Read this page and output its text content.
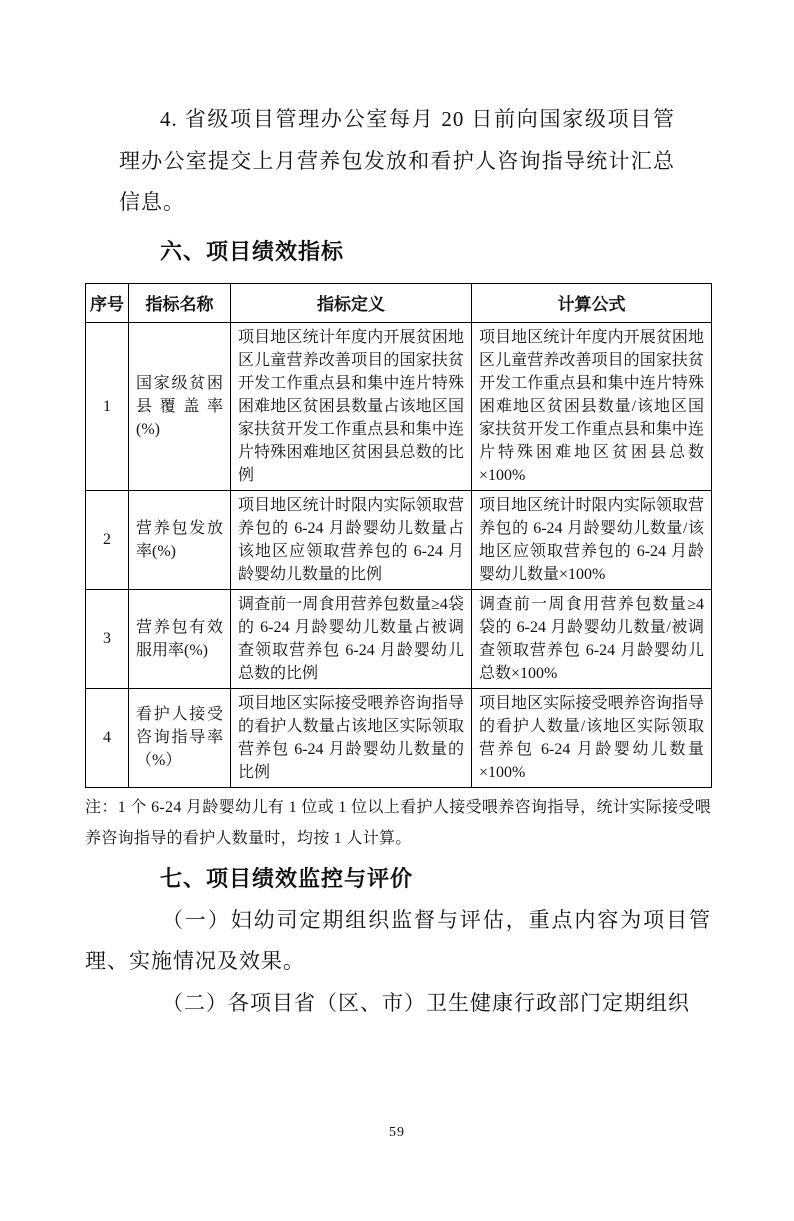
4. 省级项目管理办公室每月 20 日前向国家级项目管理办公室提交上月营养包发放和看护人咨询指导统计汇总信息。

六、项目绩效指标
序号	指标名称	指标定义	计算公式
1	国家级贫困县覆盖率(%)	项目地区统计年度内开展贫困地区儿童营养改善项目的国家扶贫开发工作重点县和集中连片特殊困难地区贫困县数量占该地区国家扶贫开发工作重点县和集中连片特殊困难地区贫困县总数的比例	项目地区统计年度内开展贫困地区儿童营养改善项目的国家扶贫开发工作重点县和集中连片特殊困难地区贫困县数量/该地区国家扶贫开发工作重点县和集中连片特殊困难地区贫困县总数×100%
2	营养包发放率(%)	项目地区统计时限内实际领取营养包的 6-24 月龄婴幼儿数量占该地区应领取营养包的 6-24 月龄婴幼儿数量的比例	项目地区统计时限内实际领取营养包的 6-24 月龄婴幼儿数量/该地区应领取营养包的 6-24 月龄婴幼儿数量×100%
3	营养包有效服用率(%)	调查前一周食用营养包数量≥4袋的 6-24 月龄婴幼儿数量占被调查领取营养包 6-24 月龄婴幼儿总数的比例	调查前一周食用营养包数量≥4 袋的 6-24 月龄婴幼儿数量/被调查领取营养包 6-24 月龄婴幼儿总数×100%
4	看护人接受咨询指导率（%）	项目地区实际接受喂养咨询指导的看护人数量占该地区实际领取营养包 6-24 月龄婴幼儿数量的比例	项目地区实际接受喂养咨询指导的看护人数量/该地区实际领取营养包 6-24 月龄婴幼儿数量×100%

注：1 个 6-24 月龄婴幼儿有 1 位或 1 位以上看护人接受喂养咨询指导，统计实际接受喂养咨询指导的看护人数量时，均按 1 人计算。

七、项目绩效监控与评价

（一）妇幼司定期组织监督与评估，重点内容为项目管理、实施情况及效果。

（二）各项目省（区、市）卫生健康行政部门定期组织

59
